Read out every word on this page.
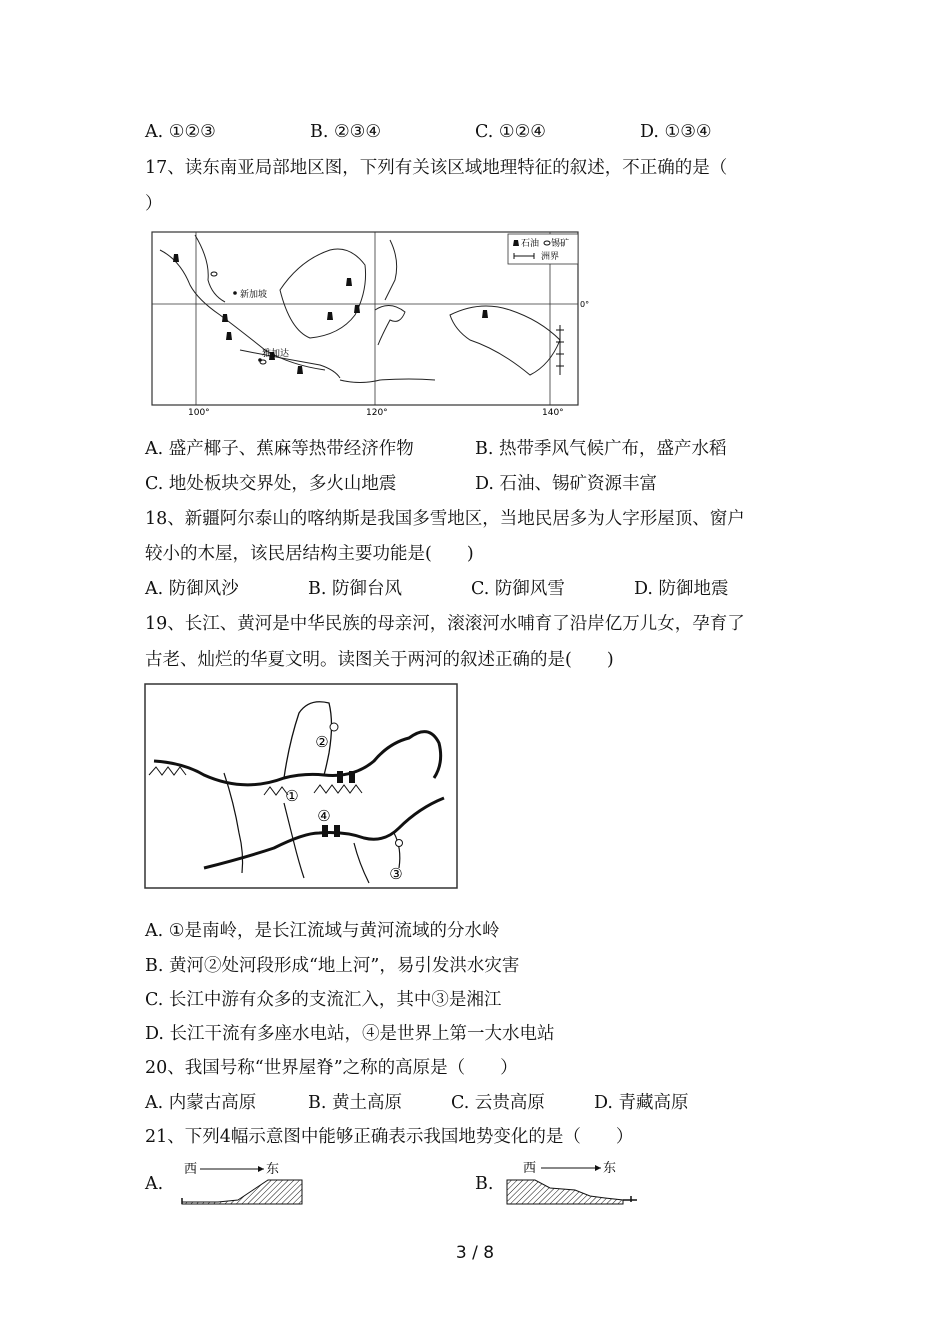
A. ①②③	B. ②③④	C. ①②④	D. ①③④
17、读东南亚局部地区图，下列有关该区域地理特征的叙述，不正确的是（
）
石油 锡矿
洲界
新加坡
雅加达
0°
100°	120°	140°
A. 盛产椰子、蕉麻等热带经济作物	B. 热带季风气候广布，盛产水稻
C. 地处板块交界处，多火山地震	D. 石油、锡矿资源丰富
18、新疆阿尔泰山的喀纳斯是我国多雪地区，当地民居多为人字形屋顶、窗户
较小的木屋，该民居结构主要功能是(　　)
A. 防御风沙	B. 防御台风	C. 防御风雪	D. 防御地震
19、长江、黄河是中华民族的母亲河，滚滚河水哺育了沿岸亿万儿女，孕育了
古老、灿烂的华夏文明。读图关于两河的叙述正确的是(　　)
①
②
③
④
A. ①是南岭，是长江流域与黄河流域的分水岭
B. 黄河②处河段形成“地上河”，易引发洪水灾害
C. 长江中游有众多的支流汇入，其中③是湘江
D. 长江干流有多座水电站，④是世界上第一大水电站
20、我国号称“世界屋脊”之称的高原是（　　）
A. 内蒙古高原	B. 黄土高原	C. 云贵高原	D. 青藏高原
21、下列4幅示意图中能够正确表示我国地势变化的是（　　）
A.	B.
西	东	西	东
3 / 8
